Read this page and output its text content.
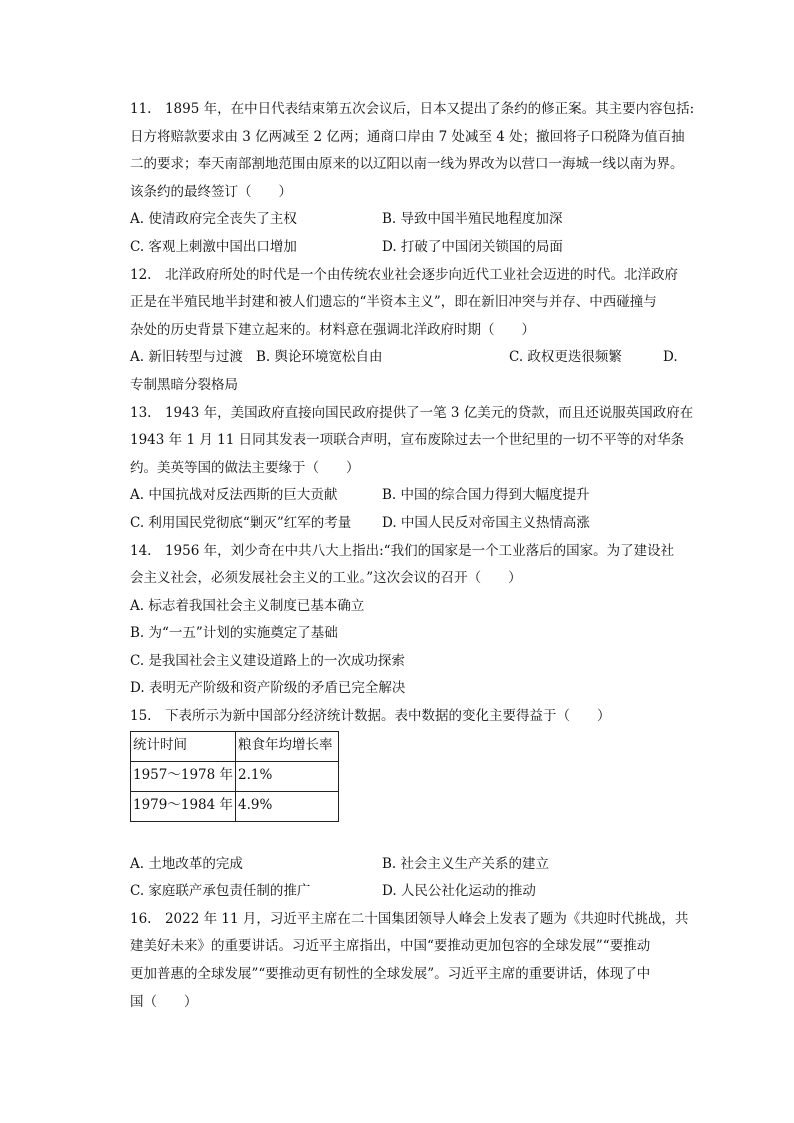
11.　1895 年，在中日代表结束第五次会议后，日本又提出了条约的修正案。其主要内容包括:
日方将赔款要求由 3 亿两减至 2 亿两；通商口岸由 7 处减至 4 处；撤回将子口税降为值百抽
二的要求；奉天南部割地范围由原来的以辽阳以南一线为界改为以营口一海城一线以南为界。
该条约的最终签订（　　）
A. 使清政府完全丧失了主权	B. 导致中国半殖民地程度加深
C. 客观上刺激中国出口增加	D. 打破了中国闭关锁国的局面
12.　北洋政府所处的时代是一个由传统农业社会逐步向近代工业社会迈进的时代。北洋政府
正是在半殖民地半封建和被人们遗忘的“半资本主义”，即在新旧冲突与并存、中西碰撞与
杂处的历史背景下建立起来的。材料意在强调北洋政府时期（　　）
A. 新旧转型与过渡 B. 舆论环境宽松自由	C. 政权更迭很频繁	D.
专制黑暗分裂格局
13.　1943 年，美国政府直接向国民政府提供了一笔 3 亿美元的贷款，而且还说服英国政府在
1943 年 1 月 11 日同其发表一项联合声明，宣布废除过去一个世纪里的一切不平等的对华条
约。美英等国的做法主要缘于（　　）
A. 中国抗战对反法西斯的巨大贡献	B. 中国的综合国力得到大幅度提升
C. 利用国民党彻底“剿灭”红军的考量	D. 中国人民反对帝国主义热情高涨
14.　1956 年，刘少奇在中共八大上指出:“我们的国家是一个工业落后的国家。为了建设社
会主义社会，必须发展社会主义的工业。”这次会议的召开（　　）
A. 标志着我国社会主义制度已基本确立
B. 为“一五”计划的实施奠定了基础
C. 是我国社会主义建设道路上的一次成功探索
D. 表明无产阶级和资产阶级的矛盾已完全解决
15.　下表所示为新中国部分经济统计数据。表中数据的变化主要得益于（　　）
统计时间	粮食年均增长率
1957～1978 年	2.1%
1979～1984 年	4.9%
A. 土地改革的完成	B. 社会主义生产关系的建立
C. 家庭联产承包责任制的推广	D. 人民公社化运动的推动
16.　2022 年 11 月，习近平主席在二十国集团领导人峰会上发表了题为《共迎时代挑战，共
建美好未来》的重要讲话。习近平主席指出，中国“要推动更加包容的全球发展”“要推动
更加普惠的全球发展”“要推动更有韧性的全球发展”。习近平主席的重要讲话，体现了中
国（　　）
